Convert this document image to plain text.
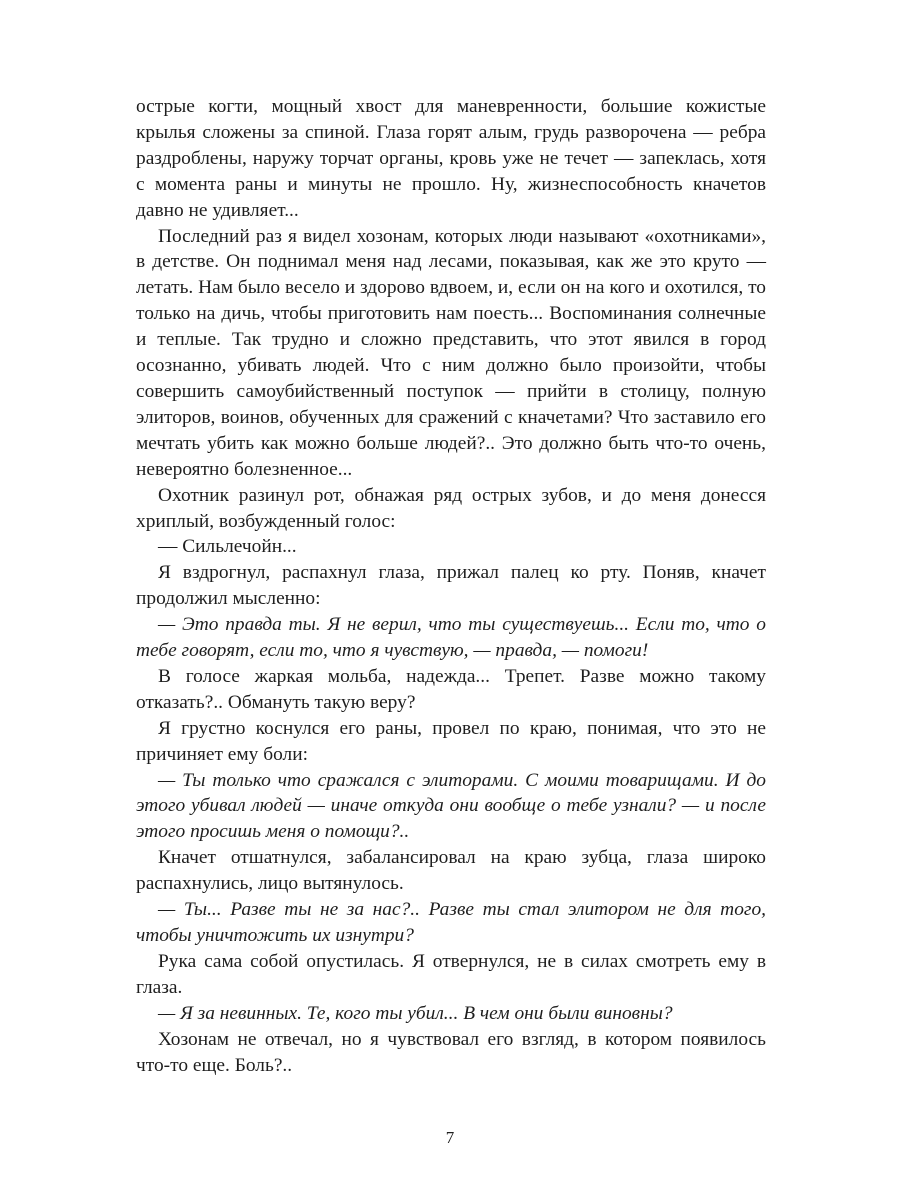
острые когти, мощный хвост для маневренности, большие кожистые крылья сложены за спиной. Глаза горят алым, грудь разворочена — ребра раздроблены, наружу торчат органы, кровь уже не течет — запеклась, хотя с момента раны и минуты не прошло. Ну, жизнеспособность кначетов давно не удивляет...

Последний раз я видел хозонам, которых люди называют «охотниками», в детстве. Он поднимал меня над лесами, показывая, как же это круто — летать. Нам было весело и здорово вдвоем, и, если он на кого и охотился, то только на дичь, чтобы приготовить нам поесть... Воспоминания солнечные и теплые. Так трудно и сложно представить, что этот явился в город осознанно, убивать людей. Что с ним должно было произойти, чтобы совершить самоубийственный поступок — прийти в столицу, полную элиторов, воинов, обученных для сражений с кначетами? Что заставило его мечтать убить как можно больше людей?.. Это должно быть что-то очень, невероятно болезненное...

Охотник разинул рот, обнажая ряд острых зубов, и до меня донесся хриплый, возбужденный голос:

— Сильлечойн...

Я вздрогнул, распахнул глаза, прижал палец ко рту. Поняв, кначет продолжил мысленно:

— Это правда ты. Я не верил, что ты существуешь... Если то, что о тебе говорят, если то, что я чувствую, — правда, — помоги!

В голосе жаркая мольба, надежда... Трепет. Разве можно такому отказать?.. Обмануть такую веру?

Я грустно коснулся его раны, провел по краю, понимая, что это не причиняет ему боли:

— Ты только что сражался с элиторами. С моими товарищами. И до этого убивал людей — иначе откуда они вообще о тебе узнали? — и после этого просишь меня о помощи?..

Кначет отшатнулся, забалансировал на краю зубца, глаза широко распахнулись, лицо вытянулось.

— Ты... Разве ты не за нас?.. Разве ты стал элитором не для того, чтобы уничтожить их изнутри?

Рука сама собой опустилась. Я отвернулся, не в силах смотреть ему в глаза.

— Я за невинных. Те, кого ты убил... В чем они были виновны?

Хозонам не отвечал, но я чувствовал его взгляд, в котором появилось что-то еще. Боль?..

7
